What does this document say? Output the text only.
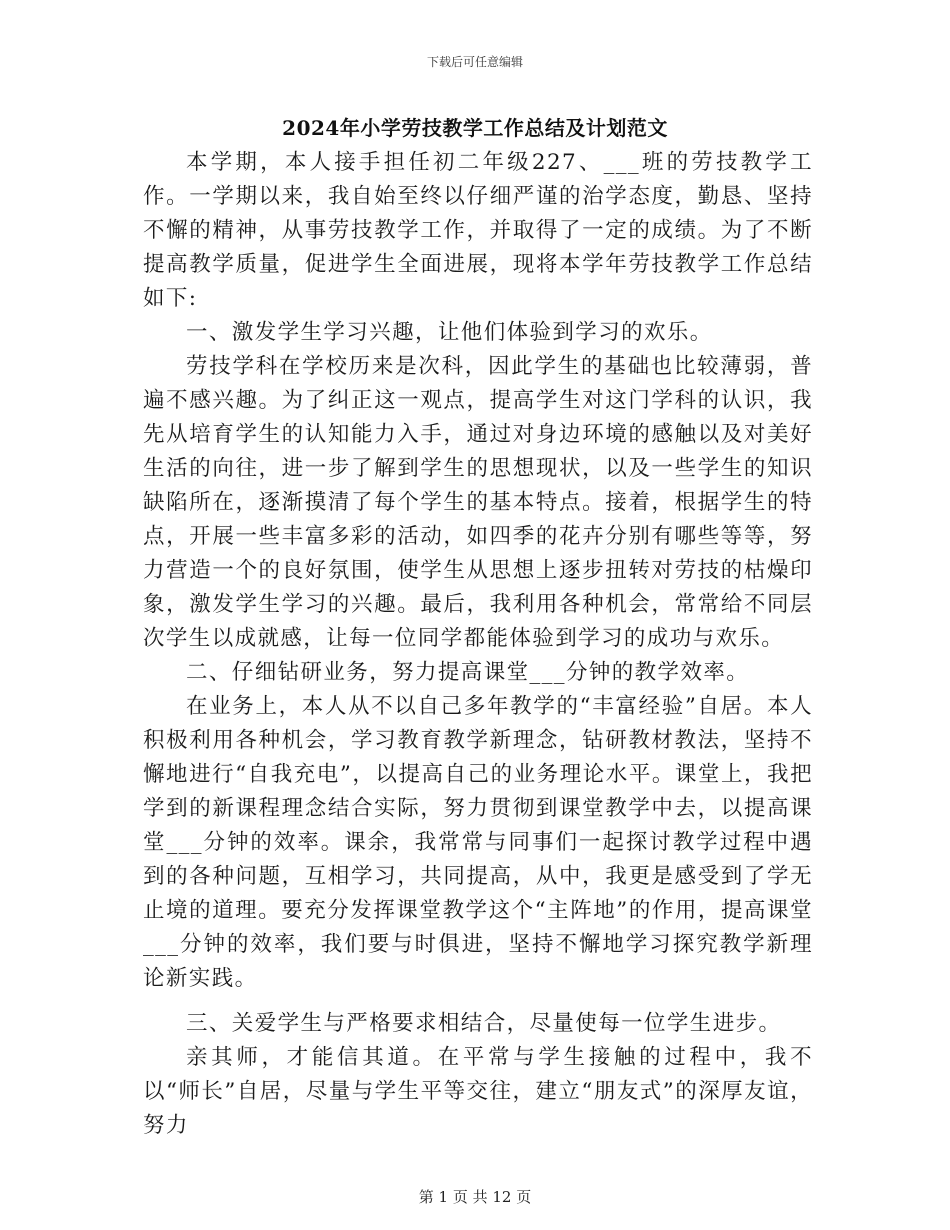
下载后可任意编辑
2024年小学劳技教学工作总结及计划范文

本学期，本人接手担任初二年级227、___班的劳技教学工作。一学期以来，我自始至终以仔细严谨的治学态度，勤恳、坚持不懈的精神，从事劳技教学工作，并取得了一定的成绩。为了不断提高教学质量，促进学生全面进展，现将本学年劳技教学工作总结如下:

一、激发学生学习兴趣，让他们体验到学习的欢乐。

劳技学科在学校历来是次科，因此学生的基础也比较薄弱，普遍不感兴趣。为了纠正这一观点，提高学生对这门学科的认识，我先从培育学生的认知能力入手，通过对身边环境的感触以及对美好生活的向往，进一步了解到学生的思想现状，以及一些学生的知识缺陷所在，逐渐摸清了每个学生的基本特点。接着，根据学生的特点，开展一些丰富多彩的活动，如四季的花卉分别有哪些等等，努力营造一个的良好氛围，使学生从思想上逐步扭转对劳技的枯燥印象，激发学生学习的兴趣。最后，我利用各种机会，常常给不同层次学生以成就感，让每一位同学都能体验到学习的成功与欢乐。

二、仔细钻研业务，努力提高课堂___分钟的教学效率。

在业务上，本人从不以自己多年教学的“丰富经验”自居。本人积极利用各种机会，学习教育教学新理念，钻研教材教法，坚持不懈地进行“自我充电”，以提高自己的业务理论水平。课堂上，我把学到的新课程理念结合实际，努力贯彻到课堂教学中去，以提高课堂___分钟的效率。课余，我常常与同事们一起探讨教学过程中遇到的各种问题，互相学习，共同提高，从中，我更是感受到了学无止境的道理。要充分发挥课堂教学这个“主阵地”的作用，提高课堂___分钟的效率，我们要与时俱进，坚持不懈地学习探究教学新理论新实践。

三、关爱学生与严格要求相结合，尽量使每一位学生进步。

亲其师，才能信其道。在平常与学生接触的过程中，我不以“师长”自居，尽量与学生平等交往，建立“朋友式”的深厚友谊，努力

第 1 页 共 12 页
